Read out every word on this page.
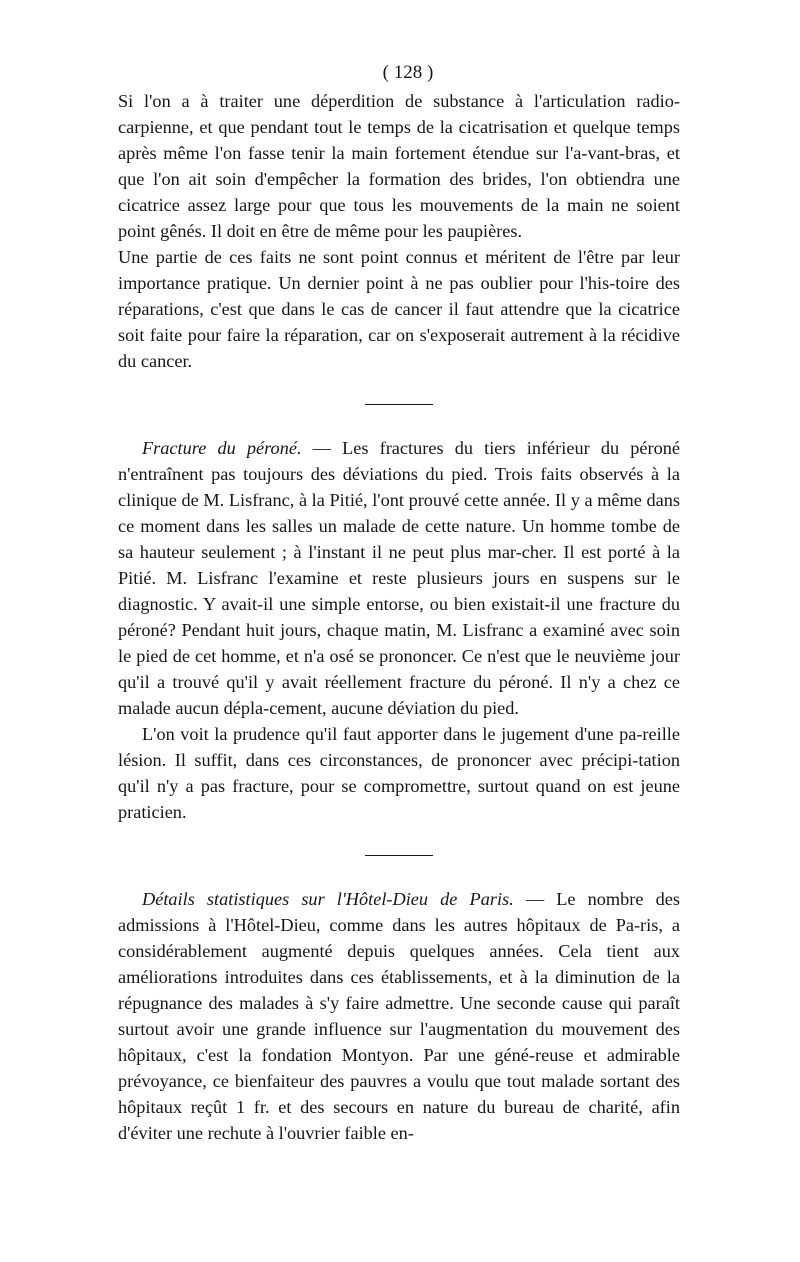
( 128 )

Si l'on a à traiter une déperdition de substance à l'articulation radio-carpienne, et que pendant tout le temps de la cicatrisation et quelque temps après même l'on fasse tenir la main fortement étendue sur l'a-vant-bras, et que l'on ait soin d'empêcher la formation des brides, l'on obtiendra une cicatrice assez large pour que tous les mouvements de la main ne soient point gênés. Il doit en être de même pour les paupières.

Une partie de ces faits ne sont point connus et méritent de l'être par leur importance pratique. Un dernier point à ne pas oublier pour l'his-toire des réparations, c'est que dans le cas de cancer il faut attendre que la cicatrice soit faite pour faire la réparation, car on s'exposerait autrement à la récidive du cancer.

Fracture du péroné. — Les fractures du tiers inférieur du péroné n'entraînent pas toujours des déviations du pied. Trois faits observés à la clinique de M. Lisfranc, à la Pitié, l'ont prouvé cette année. Il y a même dans ce moment dans les salles un malade de cette nature. Un homme tombe de sa hauteur seulement ; à l'instant il ne peut plus mar-cher. Il est porté à la Pitié. M. Lisfranc l'examine et reste plusieurs jours en suspens sur le diagnostic. Y avait-il une simple entorse, ou bien existait-il une fracture du péroné? Pendant huit jours, chaque matin, M. Lisfranc a examiné avec soin le pied de cet homme, et n'a osé se prononcer. Ce n'est que le neuvième jour qu'il a trouvé qu'il y avait réellement fracture du péroné. Il n'y a chez ce malade aucun dépla-cement, aucune déviation du pied.

L'on voit la prudence qu'il faut apporter dans le jugement d'une pa-reille lésion. Il suffit, dans ces circonstances, de prononcer avec précipi-tation qu'il n'y a pas fracture, pour se compromettre, surtout quand on est jeune praticien.

Détails statistiques sur l'Hôtel-Dieu de Paris. — Le nombre des admissions à l'Hôtel-Dieu, comme dans les autres hôpitaux de Pa-ris, a considérablement augmenté depuis quelques années. Cela tient aux améliorations introduites dans ces établissements, et à la diminution de la répugnance des malades à s'y faire admettre. Une seconde cause qui paraît surtout avoir une grande influence sur l'augmentation du mouvement des hôpitaux, c'est la fondation Montyon. Par une géné-reuse et admirable prévoyance, ce bienfaiteur des pauvres a voulu que tout malade sortant des hôpitaux reçût 1 fr. et des secours en nature du bureau de charité, afin d'éviter une rechute à l'ouvrier faible en-
